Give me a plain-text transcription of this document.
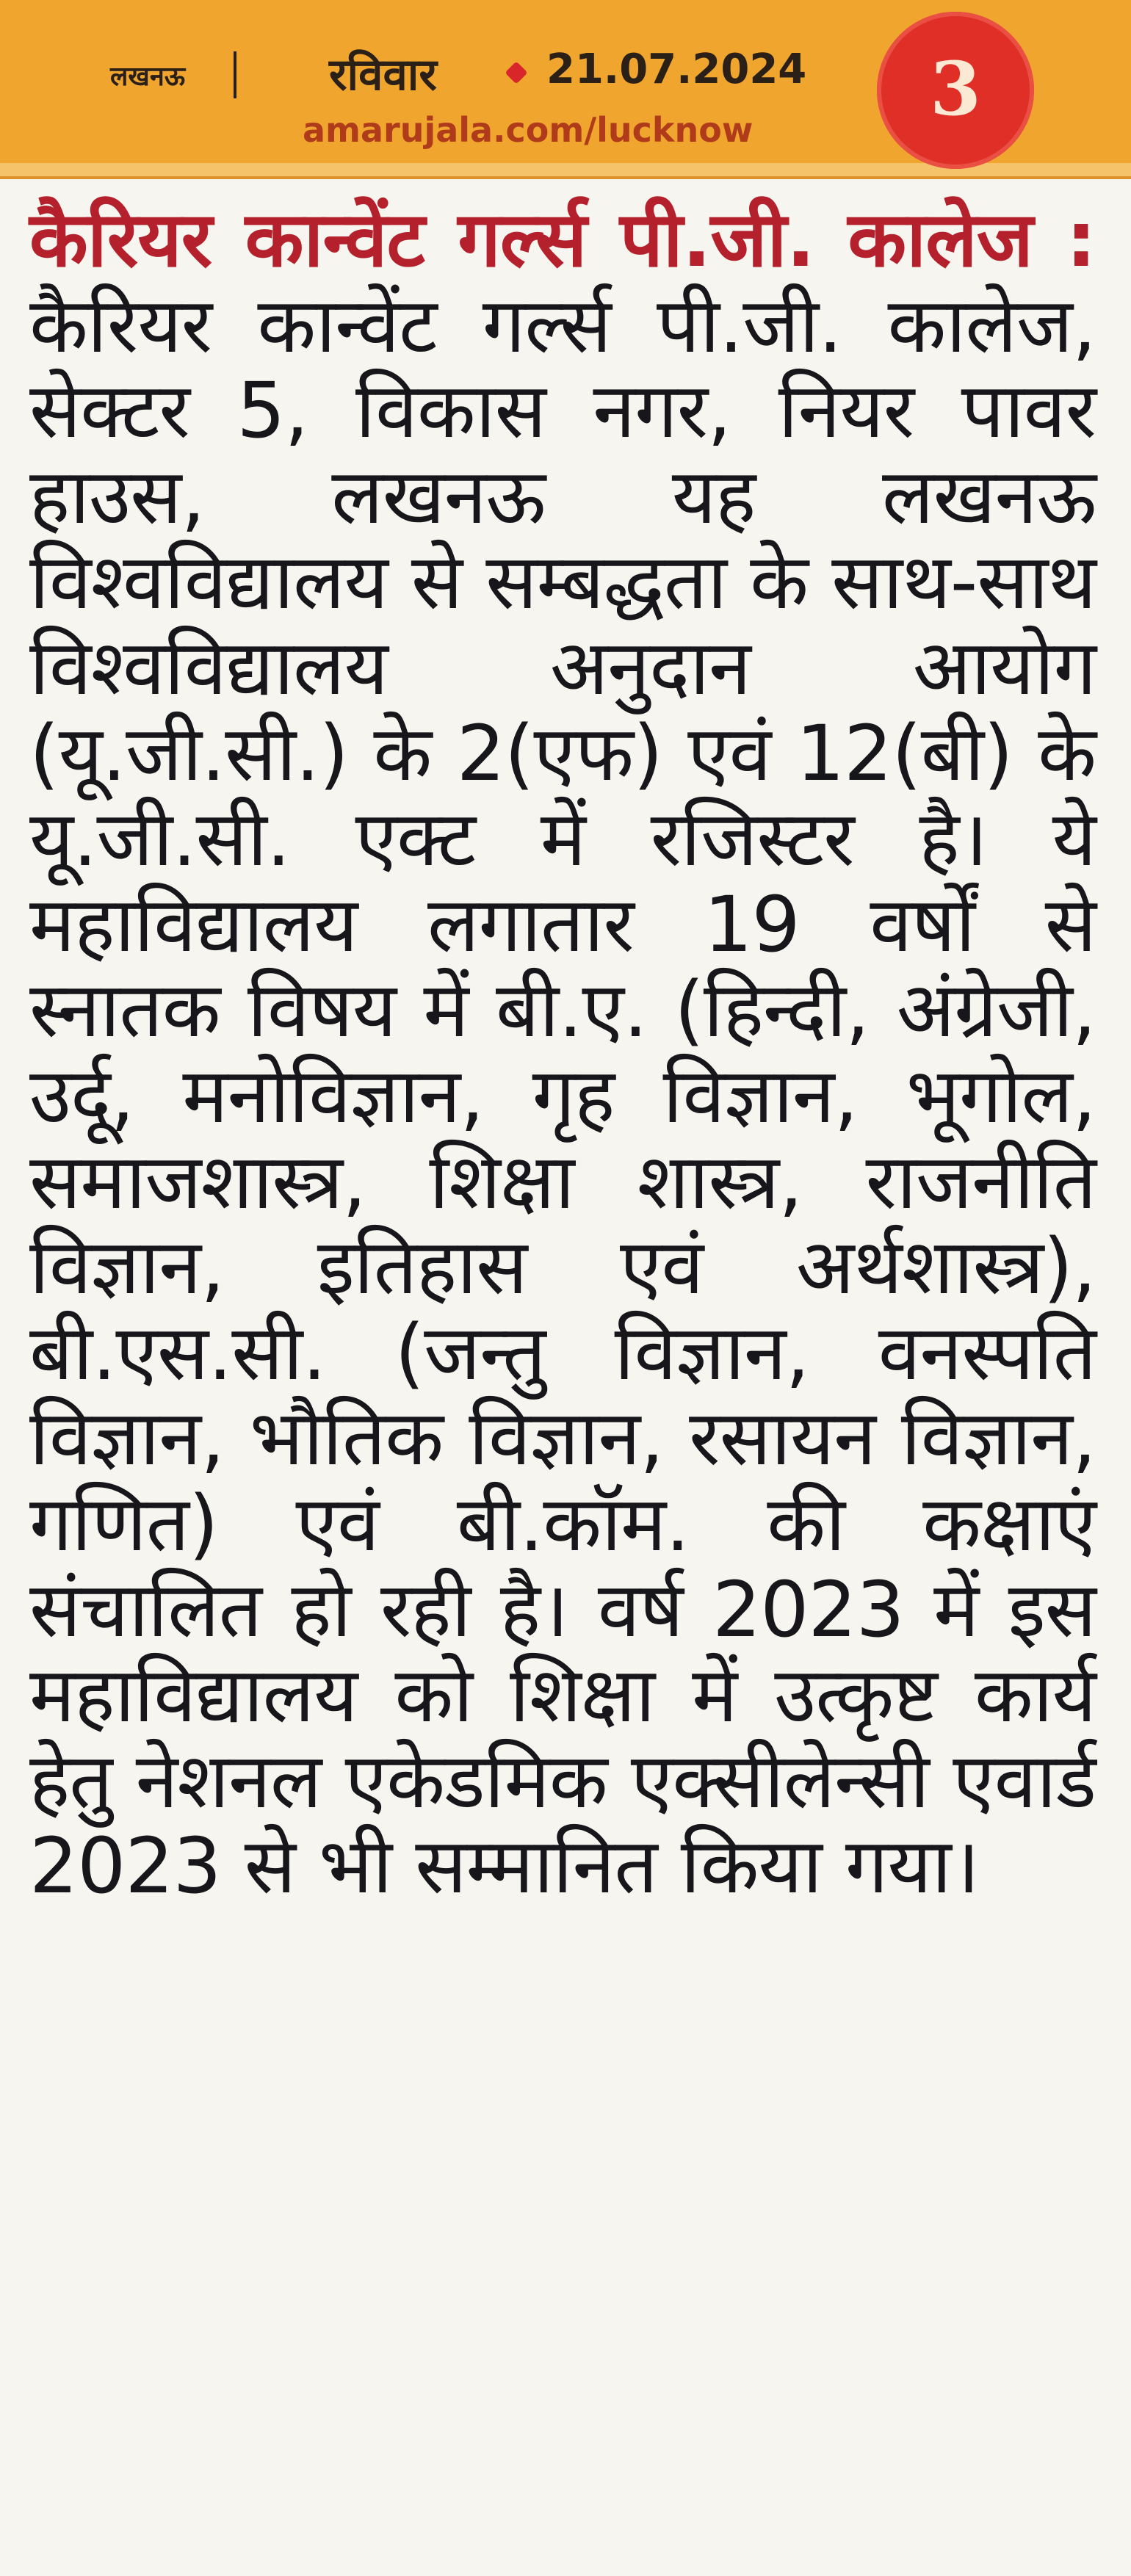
लखनऊ	रविवार	21.07.2024
amarujala.com/lucknow	3
कैरियर कान्वेंट गर्ल्स पी.जी. कालेज : कैरियर कान्वेंट गर्ल्स पी.जी. कालेज, सेक्टर 5, विकास नगर, नियर पावर हाउस, लखनऊ यह लखनऊ विश्वविद्यालय से सम्बद्धता के साथ-साथ विश्वविद्यालय अनुदान आयोग (यू.जी.सी.) के 2(एफ) एवं 12(बी) के यू.जी.सी. एक्ट में रजिस्टर है। ये महाविद्यालय लगातार 19 वर्षों से स्नातक विषय में बी.ए. (हिन्दी, अंग्रेजी, उर्दू, मनोविज्ञान, गृह विज्ञान, भूगोल, समाजशास्त्र, शिक्षा शास्त्र, राजनीति विज्ञान, इतिहास एवं अर्थशास्त्र), बी.एस.सी. (जन्तु विज्ञान, वनस्पति विज्ञान, भौतिक विज्ञान, रसायन विज्ञान, गणित) एवं बी.कॉम. की कक्षाएं संचालित हो रही है। वर्ष 2023 में इस महाविद्यालय को शिक्षा में उत्कृष्ट कार्य हेतु नेशनल एकेडमिक एक्सीलेन्सी एवार्ड 2023 से भी सम्मानित किया गया।
